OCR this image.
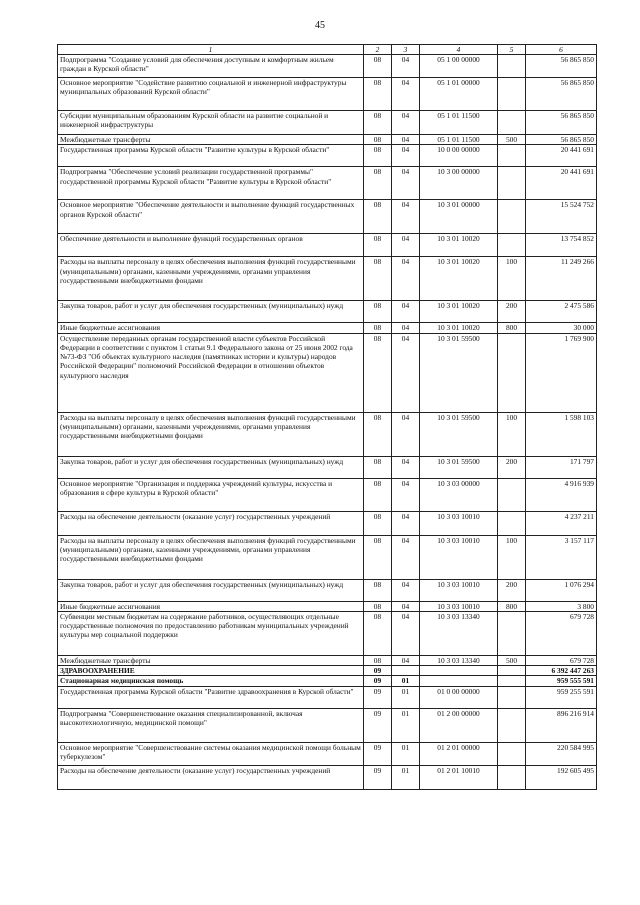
45
1	2	3	4	5	6
Подпрограмма "Создание условий для обеспечения доступным и комфортным жильем граждан в Курской области"	08	04	05 1 00 00000		56 865 850
Основное мероприятие "Содействие развитию социальной и инженерной инфраструктуры муниципальных образований Курской области"	08	04	05 1 01 00000		56 865 850
Субсидии муниципальным образованиям Курской области на развитие социальной и инженерной инфраструктуры	08	04	05 1 01 11500		56 865 850
Межбюджетные трансферты	08	04	05 1 01 11500	500	56 865 850
Государственная программа Курской области "Развитие культуры в Курской области"	08	04	10 0 00 00000		20 441 691
Подпрограмма "Обеспечение условий реализации государственной программы" государственной программы Курской области "Развитие культуры в Курской области"	08	04	10 3 00 00000		20 441 691
Основное мероприятие "Обеспечение деятельности и выполнение функций государственных органов Курской области"	08	04	10 3 01 00000		15 524 752
Обеспечение деятельности и выполнение функций государственных органов	08	04	10 3 01 10020		13 754 852
Расходы на выплаты персоналу в целях обеспечения выполнения функций государственными (муниципальными) органами, казенными учреждениями, органами управления государственными внебюджетными фондами	08	04	10 3 01 10020	100	11 249 266
Закупка товаров, работ и услуг для обеспечения государственных (муниципальных) нужд	08	04	10 3 01 10020	200	2 475 586
Иные бюджетные ассигнования	08	04	10 3 01 10020	800	30 000
Осуществление переданных органам государственной власти субъектов Российской Федерации в соответствии с пунктом 1 статьи 9.1 Федерального закона от 25 июня 2002 года №73-ФЗ "Об объектах культурного наследия (памятниках истории и культуры) народов Российской Федерации" полномочий Российской Федерации в отношении объектов культурного наследия	08	04	10 3 01 59500		1 769 900
Расходы на выплаты персоналу в целях обеспечения выполнения функций государственными (муниципальными) органами, казенными учреждениями, органами управления государственными внебюджетными фондами	08	04	10 3 01 59500	100	1 598 103
Закупка товаров, работ и услуг для обеспечения государственных (муниципальных) нужд	08	04	10 3 01 59500	200	171 797
Основное мероприятие "Организация и поддержка учреждений культуры, искусства и образования в сфере культуры в Курской области"	08	04	10 3 03 00000		4 916 939
Расходы на обеспечение деятельности (оказание услуг) государственных учреждений	08	04	10 3 03 10010		4 237 211
Расходы на выплаты персоналу в целях обеспечения выполнения функций государственными (муниципальными) органами, казенными учреждениями, органами управления государственными внебюджетными фондами	08	04	10 3 03 10010	100	3 157 117
Закупка товаров, работ и услуг для обеспечения государственных (муниципальных) нужд	08	04	10 3 03 10010	200	1 076 294
Иные бюджетные ассигнования	08	04	10 3 03 10010	800	3 800
Субвенции местным бюджетам на содержание работников, осуществляющих отдельные государственные полномочия по предоставлению работникам муниципальных учреждений культуры мер социальной поддержки	08	04	10 3 03 13340		679 728
Межбюджетные трансферты	08	04	10 3 03 13340	500	679 728
ЗДРАВООХРАНЕНИЕ	09				6 392 447 263
Стационарная медицинская помощь	09	01			959 555 591
Государственная программа Курской области "Развитие здравоохранения в Курской области"	09	01	01 0 00 00000		959 255 591
Подпрограмма "Совершенствование оказания специализированной, включая высокотехнологичную, медицинской помощи"	09	01	01 2 00 00000		896 216 914
Основное мероприятие "Совершенствование системы оказания медицинской помощи больным туберкулезом"	09	01	01 2 01 00000		220 584 995
Расходы на обеспечение деятельности (оказание услуг) государственных учреждений	09	01	01 2 01 10010		192 605 495
